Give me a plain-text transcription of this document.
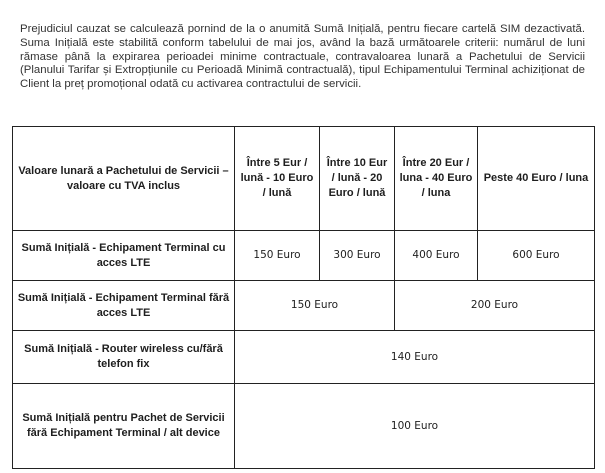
Prejudiciul cauzat se calculează pornind de la o anumită Sumă Inițială, pentru fiecare cartelă SIM dezactivată. Suma Inițială este stabilită conform tabelului de mai jos, având la bază următoarele criterii: numărul de luni rămase până la expirarea perioadei minime contractuale, contravaloarea lunară a Pachetului de Servicii (Planului Tarifar și Extropțiunile cu Perioadă Minimă contractuală), tipul Echipamentului Terminal achiziționat de Client la preț promoțional odată cu activarea contractului de servicii.

Valoare lunară a Pachetului de Servicii – valoare cu TVA inclus	Între 5 Eur / lună - 10 Euro / lună	Între 10 Eur / lună - 20 Euro / lună	Între 20 Eur / luna - 40 Euro / luna	Peste 40 Euro / luna
Sumă Inițială - Echipament Terminal cu acces LTE	150 Euro	300 Euro	400 Euro	600 Euro
Sumă Inițială - Echipament Terminal fără acces LTE	150 Euro		200 Euro	
Sumă Inițială - Router wireless cu/fără telefon fix	140 Euro			
Sumă Inițială pentru Pachet de Servicii fără Echipament Terminal / alt device	100 Euro			
